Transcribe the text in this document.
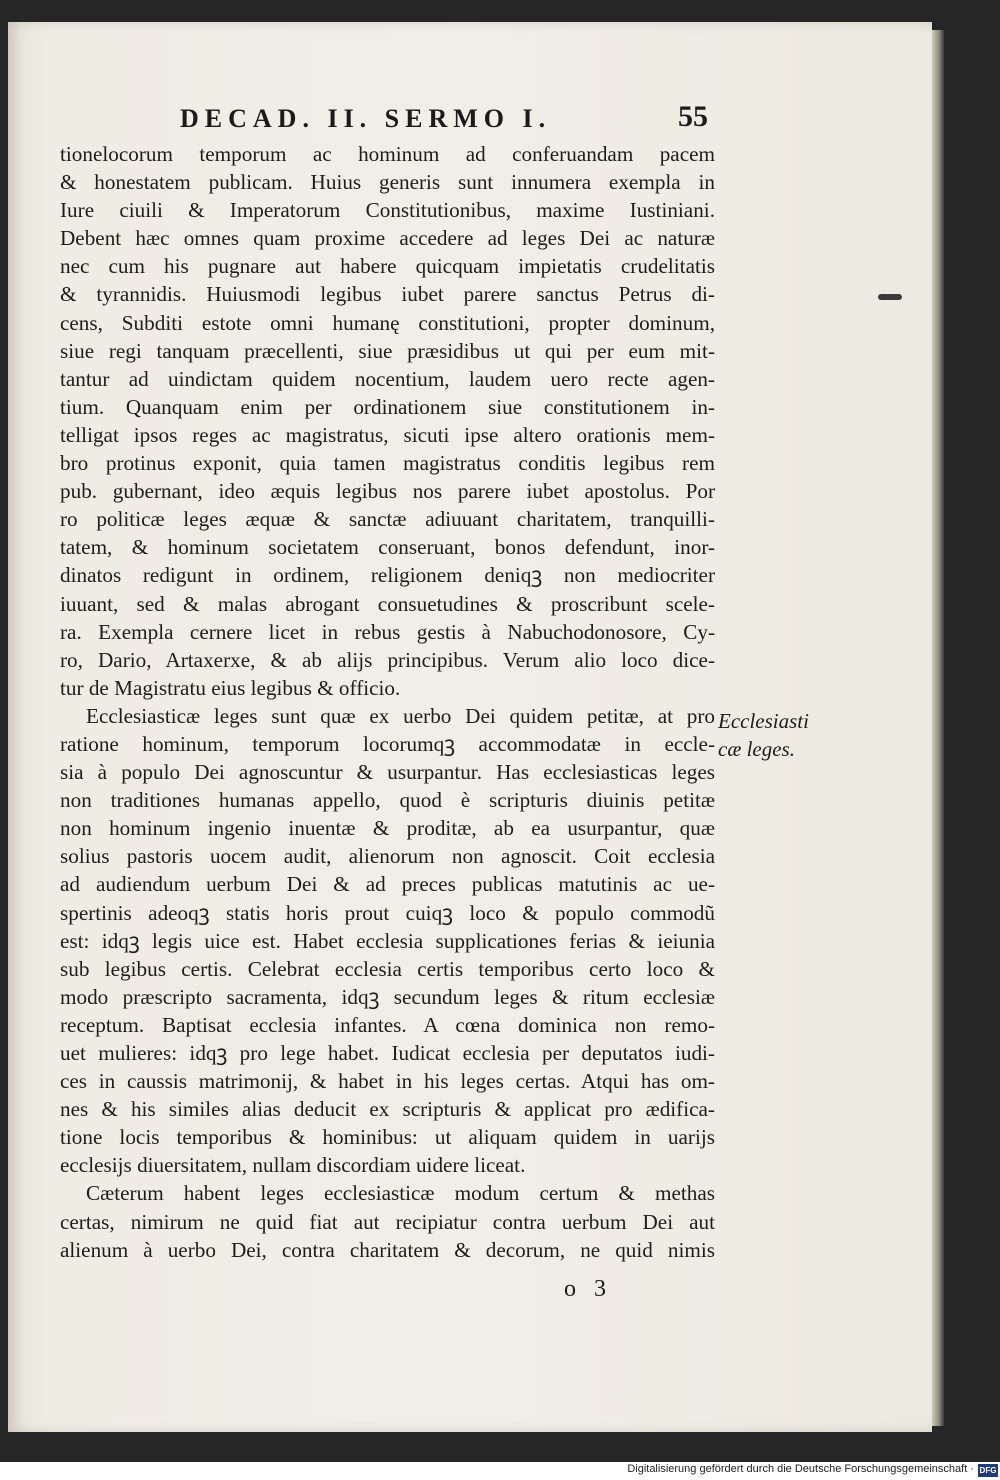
DECAD. II. SERMO I.	55
tionelocorum temporum ac hominum ad conferuandam pacem
& honestatem publicam. Huius generis sunt innumera exempla in
Iure ciuili & Imperatorum Constitutionibus, maxime Iustiniani.
Debent hæc omnes quam proxime accedere ad leges Dei ac naturæ
nec cum his pugnare aut habere quicquam impietatis crudelitatis
& tyrannidis. Huiusmodi legibus iubet parere sanctus Petrus di-
cens, Subditi estote omni humanę constitutioni, propter dominum,
siue regi tanquam præcellenti, siue præsidibus ut qui per eum mit-
tantur ad uindictam quidem nocentium, laudem uero recte agen-
tium. Quanquam enim per ordinationem siue constitutionem in-
telligat ipsos reges ac magistratus, sicuti ipse altero orationis mem-
bro protinus exponit, quia tamen magistratus conditis legibus rem
pub. gubernant, ideo æquis legibus nos parere iubet apostolus. Por
ro politicæ leges æquæ & sanctæ adiuuant charitatem, tranquilli-
tatem, & hominum societatem conseruant, bonos defendunt, inor-
dinatos redigunt in ordinem, religionem deniqꝫ non mediocriter
iuuant, sed & malas abrogant consuetudines & proscribunt scele-
ra. Exempla cernere licet in rebus gestis à Nabuchodonosore, Cy-
ro, Dario, Artaxerxe, & ab alijs principibus. Verum alio loco dice-
tur de Magistratu eius legibus & officio.
Ecclesiasticæ leges sunt quæ ex uerbo Dei quidem petitæ, at pro
ratione hominum, temporum locorumqꝫ accommodatæ in eccle-
sia à populo Dei agnoscuntur & usurpantur. Has ecclesiasticas leges
non traditiones humanas appello, quod è scripturis diuinis petitæ
non hominum ingenio inuentæ & proditæ, ab ea usurpantur, quæ
solius pastoris uocem audit, alienorum non agnoscit. Coit ecclesia
ad audiendum uerbum Dei & ad preces publicas matutinis ac ue-
spertinis adeoqꝫ statis horis prout cuiqꝫ loco & populo commodũ
est: idqꝫ legis uice est. Habet ecclesia supplicationes ferias & ieiunia
sub legibus certis. Celebrat ecclesia certis temporibus certo loco &
modo præscripto sacramenta, idqꝫ secundum leges & ritum ecclesiæ
receptum. Baptisat ecclesia infantes. A cœna dominica non remo-
uet mulieres: idqꝫ pro lege habet. Iudicat ecclesia per deputatos iudi-
ces in caussis matrimonij, & habet in his leges certas. Atqui has om-
nes & his similes alias deducit ex scripturis & applicat pro ædifica-
tione locis temporibus & hominibus: ut aliquam quidem in uarijs
ecclesijs diuersitatem, nullam discordiam uidere liceat.
Cæterum habent leges ecclesiasticæ modum certum & methas
certas, nimirum ne quid fiat aut recipiatur contra uerbum Dei aut
alienum à uerbo Dei, contra charitatem & decorum, ne quid nimis
Ecclesiasti
cæ leges.
o 3
Digitalisierung gefördert durch die Deutsche Forschungsgemeinschaft · DFG
